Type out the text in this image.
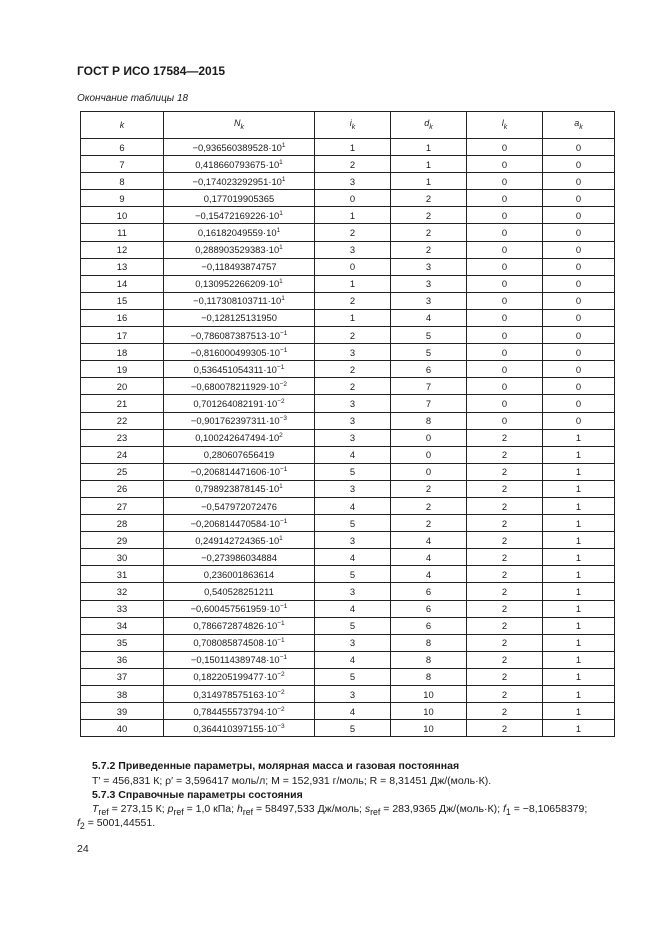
ГОСТ Р ИСО 17584—2015
Окончание таблицы 18
k	$N_k$	$i_k$	$d_k$	$l_k$	$a_k$
6	$-0,936560389528\cdot 10^1$	1	1	0	0
7	$0,418660793675\cdot 10^1$	2	1	0	0
8	$-0,174023292951\cdot 10^1$	3	1	0	0
9	0,177019905365	0	2	0	0
10	$-0,15472169226\cdot 10^1$	1	2	0	0
11	$0,16182049559\cdot 10^1$	2	2	0	0
12	$0,288903529383\cdot 10^1$	3	2	0	0
13	−0,118493874757	0	3	0	0
14	$0,130952266209\cdot 10^1$	1	3	0	0
15	$-0,117308103711\cdot 10^1$	2	3	0	0
16	−0,128125131950	1	4	0	0
17	$-0,786087387513\cdot 10^{-1}$	2	5	0	0
18	$-0,816000499305\cdot 10^{-1}$	3	5	0	0
19	$0,536451054311\cdot 10^{-1}$	2	6	0	0
20	$-0,680078211929\cdot 10^{-2}$	2	7	0	0
21	$0,701264082191\cdot 10^{-2}$	3	7	0	0
22	$-0,901762397311\cdot 10^{-3}$	3	8	0	0
23	$0,100242647494\cdot 10^2$	3	0	2	1
24	0,280607656419	4	0	2	1
25	$-0,206814471606\cdot 10^{-1}$	5	0	2	1
26	$0,798923878145\cdot 10^1$	3	2	2	1
27	−0,547972072476	4	2	2	1
28	$-0,206814470584\cdot 10^{-1}$	5	2	2	1
29	$0,249142724365\cdot 10^1$	3	4	2	1
30	−0,273986034884	4	4	2	1
31	0,236001863614	5	4	2	1
32	0,540528251211	3	6	2	1
33	$-0,600457561959\cdot 10^{-1}$	4	6	2	1
34	$0,786672874826\cdot 10^{-1}$	5	6	2	1
35	$0,708085874508\cdot 10^{-1}$	3	8	2	1
36	$-0,150114389748\cdot 10^{-1}$	4	8	2	1
37	$0,182205199477\cdot 10^{-2}$	5	8	2	1
38	$0,314978575163\cdot 10^{-2}$	3	10	2	1
39	$0,784455573794\cdot 10^{-2}$	4	10	2	1
40	$0,364410397155\cdot 10^{-3}$	5	10	2	1
5.7.2 Приведенные параметры, молярная масса и газовая постоянная
T′ = 456,831 К; ρ′ = 3,596417 моль/л; M = 152,931 г/моль; R = 8,31451 Дж/(моль·К).
5.7.3 Справочные параметры состояния
$T_{ref} = 273,15$ К; $p_{ref} = 1,0$ кПа; $h_{ref} = 58497,533$ Дж/моль; $s_{ref} = 283,9365$ Дж/(моль·К); $f_1 = -8,10658379$;
$f_2 = 5001,44551$.
24
